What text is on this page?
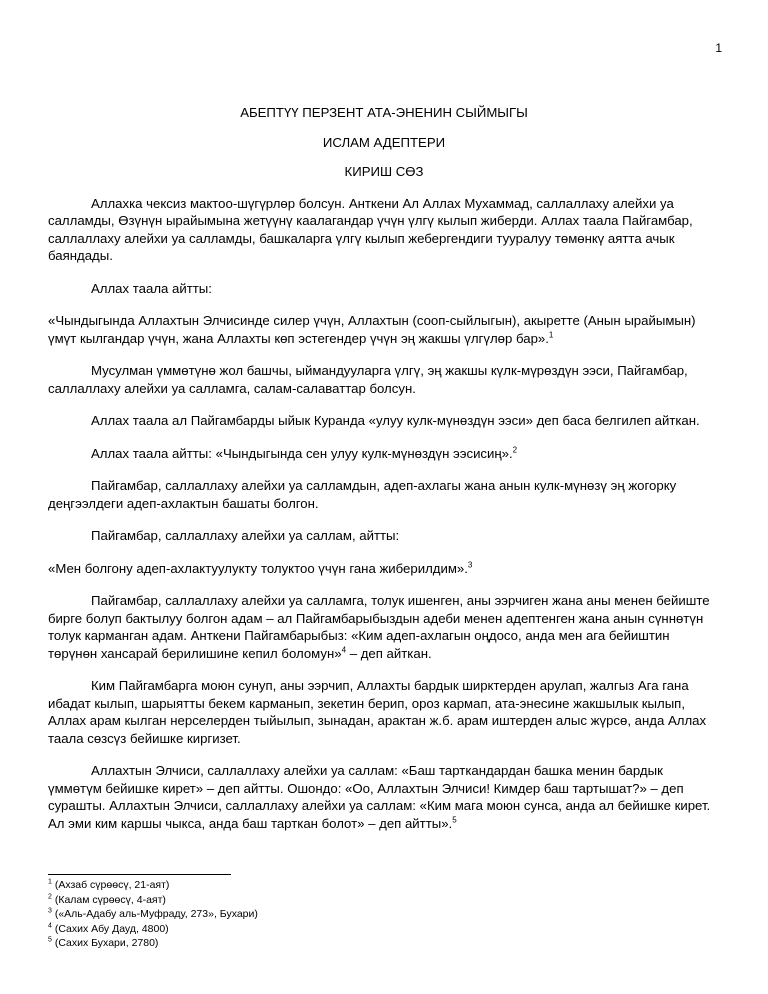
1
АБЕПТҮҮ ПЕРЗЕНТ АТА-ЭНЕНИН СЫЙМЫГЫ
ИСЛАМ АДЕПТЕРИ
КИРИШ СӨЗ

Аллахка чексиз мактоо-шүгүрлөр болсун. Анткени Ал Аллах Мухаммад, саллаллаху алейхи уа салламды, Өзүнүн ырайымына жетүүнү каалагандар үчүн үлгү кылып жиберди. Аллах таала Пайгамбар, саллаллаху алейхи уа салламды, башкаларга үлгү кылып жебергендиги тууралуу төмөнкү аятта ачык баяндады.

Аллах таала айтты:

«Чындыгында Аллахтын Элчисинде силер үчүн, Аллахтын (сооп-сыйлыгын), акыретте (Анын ырайымын) үмүт кылгандар үчүн, жана Аллахты көп эстегендер үчүн эң жакшы үлгүлөр бар».$^1$

Мусулман үммөтүнө жол башчы, ыймандууларга үлгү, эң жакшы күлк-мүрөздүн ээси, Пайгамбар, саллаллаху алейхи уа салламга, салам-салаваттар болсун.

Аллах таала ал Пайгамбарды ыйык Куранда «улуу кулк-мүнөздүн ээси» деп баса белгилеп айткан.

Аллах таала айтты: «Чындыгында сен улуу кулк-мүнөздүн ээсисиң».$^2$

Пайгамбар, саллаллаху алейхи уа салламдын, адеп-ахлагы жана анын кулк-мүнөзү эң жогорку деңгээлдеги адеп-ахлактын башаты болгон.

Пайгамбар, саллаллаху алейхи уа саллам, айтты:

«Мен болгону адеп-ахлактуулукту толуктоо үчүн гана жиберилдим».$^3$

Пайгамбар, саллаллаху алейхи уа салламга, толук ишенген, аны ээрчиген жана аны менен бейиште бирге болуп бактылуу болгон адам – ал Пайгамбарыбыздын адеби менен адептенген жана анын сүннөтүн толук карманган адам. Анткени Пайгамбарыбыз: «Ким адеп-ахлагын оңдосо, анда мен ага бейиштин төрүнөн хансарай берилишине кепил боломун»$^4$ – деп айткан.

Ким Пайгамбарга моюн сунуп, аны ээрчип, Аллахты бардык ширктерден арулап, жалгыз Ага гана ибадат кылып, шарыятты бекем карманып, зекетин берип, ороз кармап, ата-энесине жакшылык кылып, Аллах арам кылган нерселерден тыйылып, зынадан, арактан ж.б. арам иштерден алыс жүрсө, анда Аллах таала сөзсүз бейишке киргизет.

Аллахтын Элчиси, саллаллаху алейхи уа саллам: «Баш тарткандардан башка менин бардык үммөтүм бейишке кирет» – деп айтты. Ошондо: «Оо, Аллахтын Элчиси! Кимдер баш тартышат?» – деп сурашты. Аллахтын Элчиси, саллаллаху алейхи уа саллам: «Ким мага моюн сунса, анда ал бейишке кирет. Ал эми ким каршы чыкса, анда баш тарткан болот» – деп айтты».$^5$

$^1$ (Ахзаб сүрөөсү, 21-аят)
$^2$ (Калам сүрөөсү, 4-аят)
$^3$ («Аль-Адабу аль-Муфраду, 273», Бухари)
$^4$ (Сахих Абу Дауд, 4800)
$^5$ (Сахих Бухари, 2780)
